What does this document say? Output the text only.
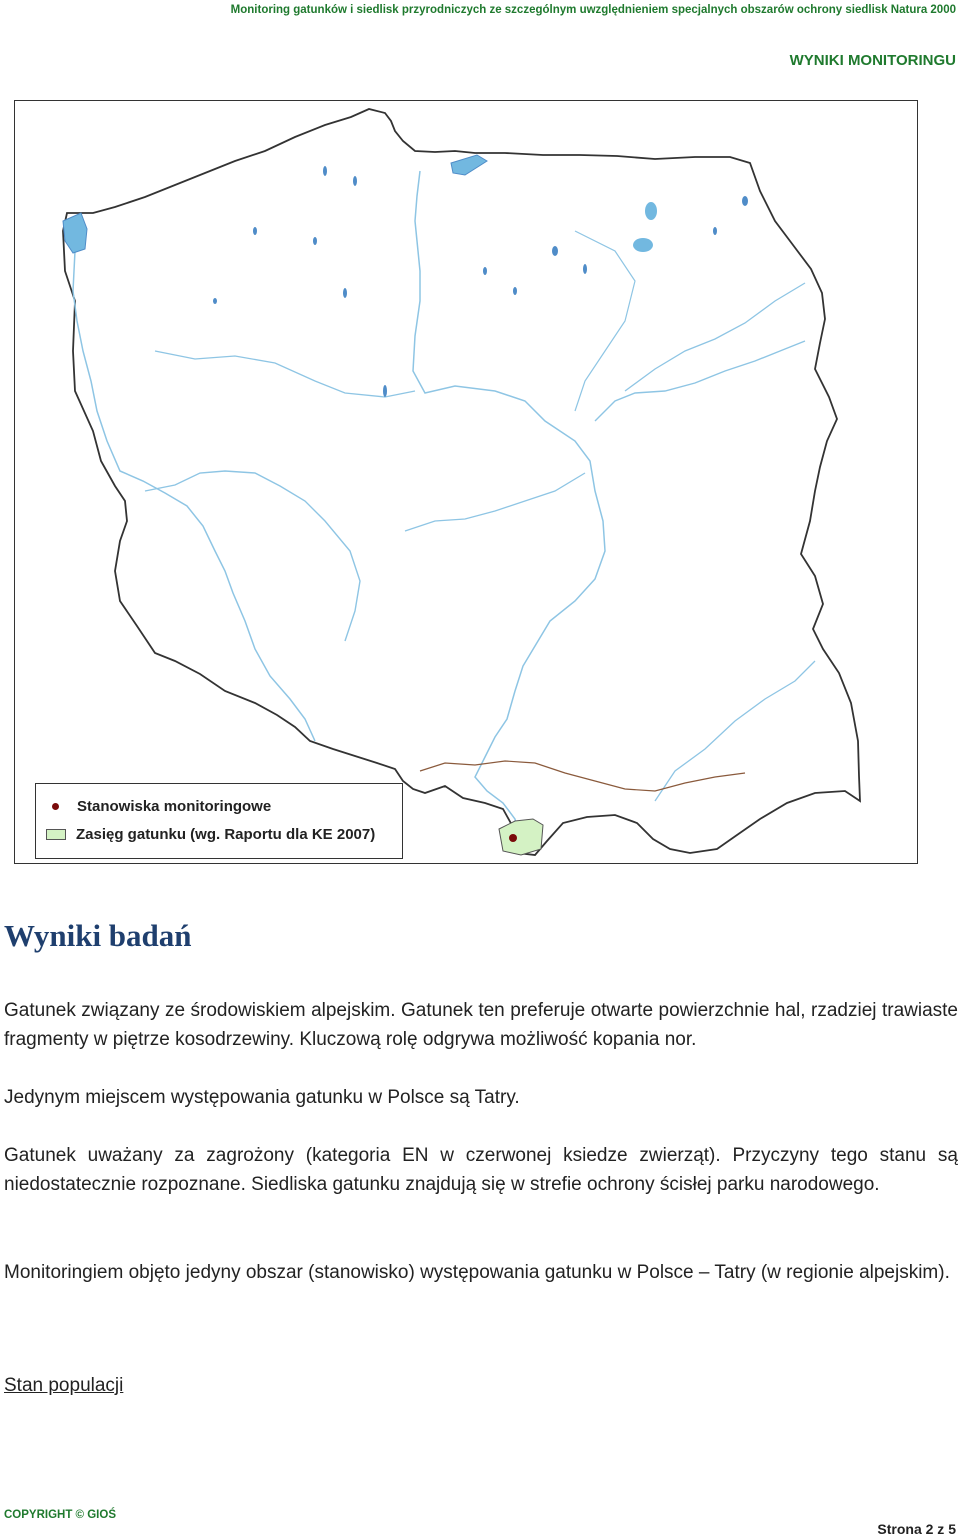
Monitoring gatunków i siedlisk przyrodniczych ze szczególnym uwzględnieniem specjalnych obszarów ochrony siedlisk Natura 2000
WYNIKI MONITORINGU
Stanowiska monitoringowe
Zasięg gatunku (wg. Raportu dla KE 2007)
Wyniki badań

Gatunek związany ze środowiskiem alpejskim. Gatunek ten preferuje otwarte powierzchnie hal, rzadziej trawiaste fragmenty w piętrze kosodrzewiny. Kluczową rolę odgrywa możliwość kopania nor.

Jedynym miejscem występowania gatunku w Polsce są Tatry.

Gatunek uważany za zagrożony (kategoria EN w czerwonej ksiedze zwierząt). Przyczyny tego stanu są niedostatecznie rozpoznane. Siedliska gatunku znajdują się w strefie ochrony ścisłej parku narodowego.

Monitoringiem objęto jedyny obszar (stanowisko) występowania gatunku w Polsce – Tatry (w regionie alpejskim).

Stan populacji
COPYRIGHT © GIOŚ
Strona 2 z 5
